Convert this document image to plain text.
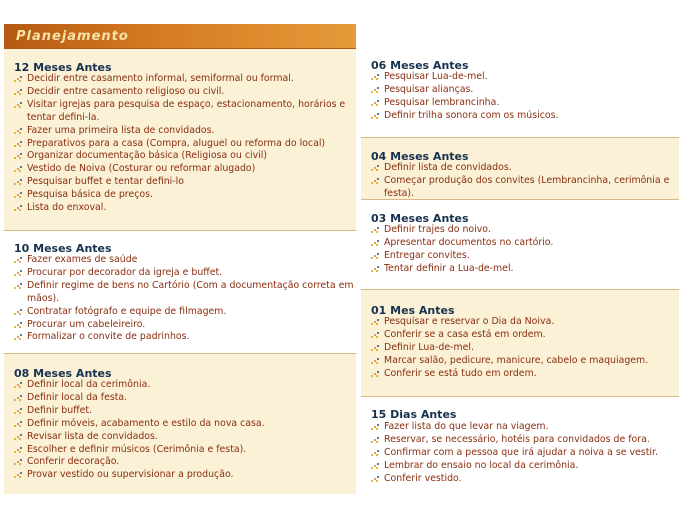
Planejamento
12 Meses Antes
Decidir entre casamento informal, semiformal ou formal.
Decidir entre casamento religioso ou civil.
Visitar igrejas para pesquisa de espaço, estacionamento, horários e tentar defini-la.
Fazer uma primeira lista de convidados.
Preparativos para a casa (Compra, aluguel ou reforma do local)
Organizar documentação básica (Religiosa ou civil)
Vestido de Noiva (Costurar ou reformar alugado)
Pesquisar buffet e tentar defini-lo
Pesquisa básica de preços.
Lista do enxoval.
10 Meses Antes
Fazer exames de saúde
Procurar por decorador da igreja e buffet.
Definir regime de bens no Cartório (Com a documentação correta em mãos).
Contratar fotógrafo e equipe de filmagem.
Procurar um cabeleireiro.
Formalizar o convite de padrinhos.
08 Meses Antes
Definir local da cerimônia.
Definir local da festa.
Definir buffet.
Definir móveis, acabamento e estilo da nova casa.
Revisar lista de convidados.
Escolher e definir músicos (Cerimônia e festa).
Conferir decoração.
Provar vestido ou supervisionar a produção.
06 Meses Antes
Pesquisar Lua-de-mel.
Pesquisar alianças.
Pesquisar lembrancinha.
Definir trilha sonora com os músicos.
04 Meses Antes
Definir lista de convidados.
Começar produção dos convites (Lembrancinha, cerimônia e festa).
03 Meses Antes
Definir trajes do noivo.
Apresentar documentos no cartório.
Entregar convites.
Tentar definir a Lua-de-mel.
01 Mes Antes
Pesquisar e reservar o Dia da Noiva.
Conferir se a casa está em ordem.
Definir Lua-de-mel.
Marcar salão, pedicure, manicure, cabelo e maquiagem.
Conferir se está tudo em ordem.
15 Dias Antes
Fazer lista do que levar na viagem.
Reservar, se necessário, hotéis para convidados de fora.
Confirmar com a pessoa que irá ajudar a noiva a se vestir.
Lembrar do ensaio no local da cerimônia.
Conferir vestido.
